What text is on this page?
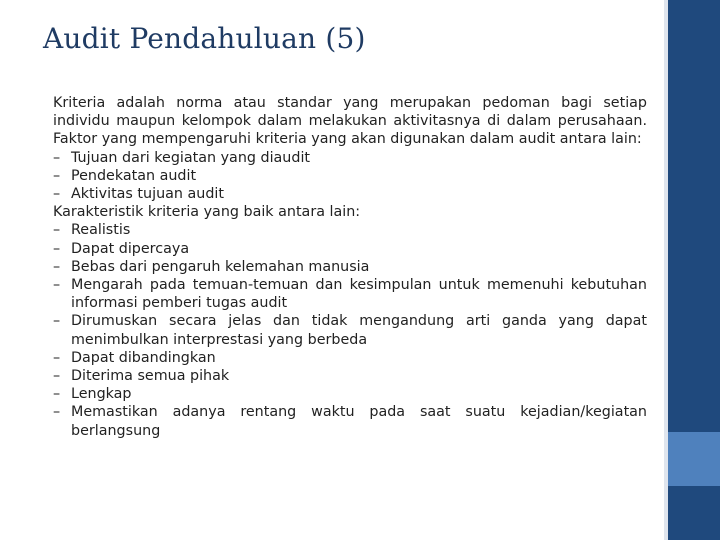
Audit Pendahuluan (5)

Kriteria adalah norma atau standar yang merupakan pedoman bagi setiap individu maupun kelompok dalam melakukan aktivitasnya di dalam perusahaan. Faktor yang mempengaruhi kriteria yang akan digunakan dalam audit antara lain:

– Tujuan dari kegiatan yang diaudit
– Pendekatan audit
– Aktivitas tujuan audit

Karakteristik kriteria yang baik antara lain:

– Realistis
– Dapat dipercaya
– Bebas dari pengaruh kelemahan manusia
– Mengarah pada temuan-temuan dan kesimpulan untuk memenuhi kebutuhan informasi pemberi tugas audit
– Dirumuskan secara jelas dan tidak mengandung arti ganda yang dapat menimbulkan interprestasi yang berbeda
– Dapat dibandingkan
– Diterima semua pihak
– Lengkap
– Memastikan adanya rentang waktu pada saat suatu kejadian/kegiatan berlangsung
